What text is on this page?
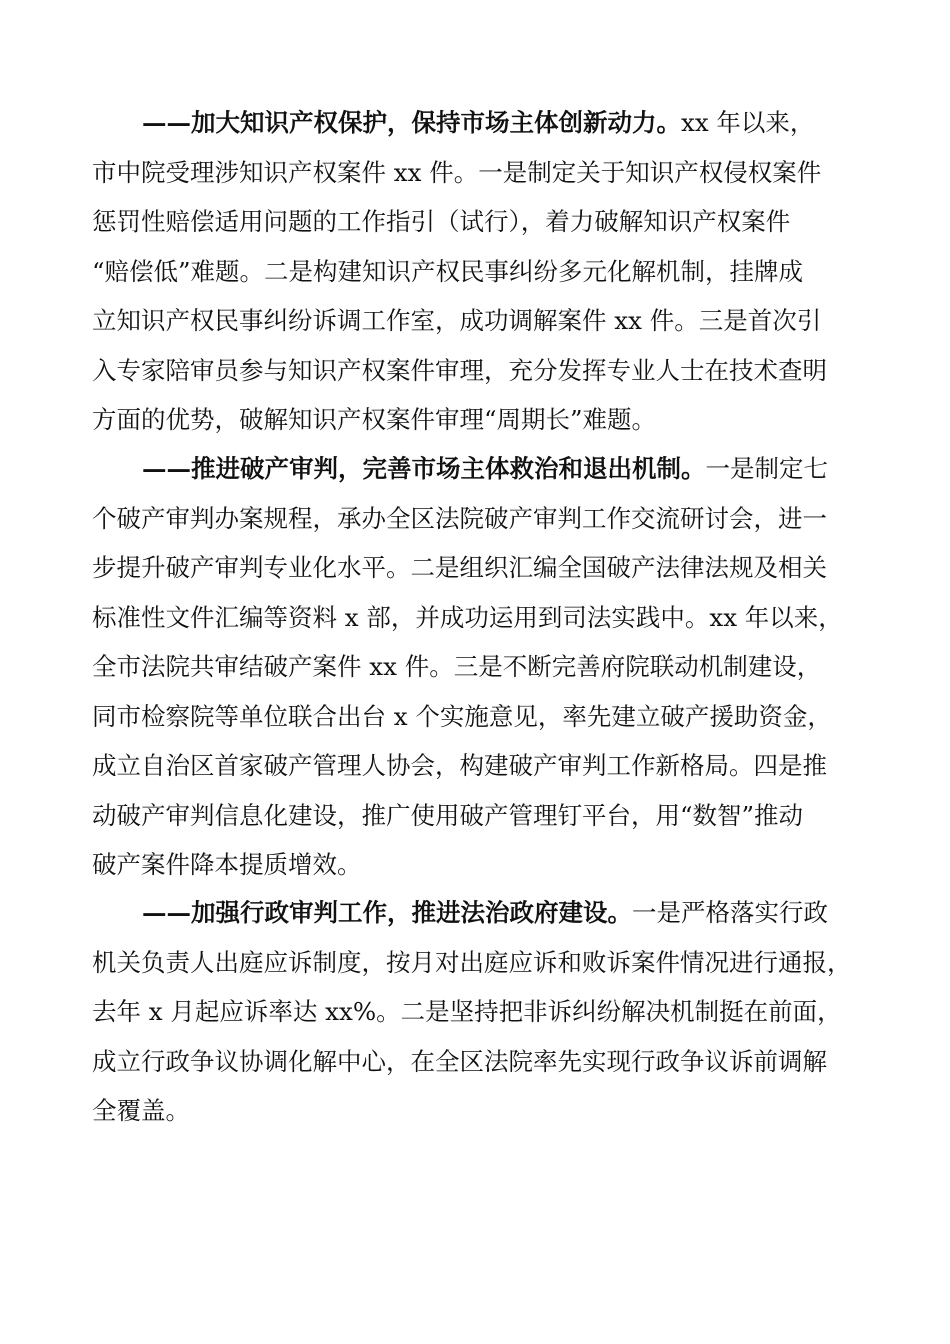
——加大知识产权保护，保持市场主体创新动力。xx 年以来，
市中院受理涉知识产权案件 xx 件。一是制定关于知识产权侵权案件
惩罚性赔偿适用问题的工作指引（试行），着力破解知识产权案件
“赔偿低”难题。二是构建知识产权民事纠纷多元化解机制，挂牌成
立知识产权民事纠纷诉调工作室，成功调解案件 xx 件。三是首次引
入专家陪审员参与知识产权案件审理，充分发挥专业人士在技术查明
方面的优势，破解知识产权案件审理“周期长”难题。
——推进破产审判，完善市场主体救治和退出机制。一是制定七
个破产审判办案规程，承办全区法院破产审判工作交流研讨会，进一
步提升破产审判专业化水平。二是组织汇编全国破产法律法规及相关
标准性文件汇编等资料 x 部，并成功运用到司法实践中。xx 年以来，
全市法院共审结破产案件 xx 件。三是不断完善府院联动机制建设，
同市检察院等单位联合出台 x 个实施意见，率先建立破产援助资金，
成立自治区首家破产管理人协会，构建破产审判工作新格局。四是推
动破产审判信息化建设，推广使用破产管理钉平台，用“数智”推动
破产案件降本提质增效。
——加强行政审判工作，推进法治政府建设。一是严格落实行政
机关负责人出庭应诉制度，按月对出庭应诉和败诉案件情况进行通报，
去年 x 月起应诉率达 xx%。二是坚持把非诉纠纷解决机制挺在前面，
成立行政争议协调化解中心，在全区法院率先实现行政争议诉前调解
全覆盖。
